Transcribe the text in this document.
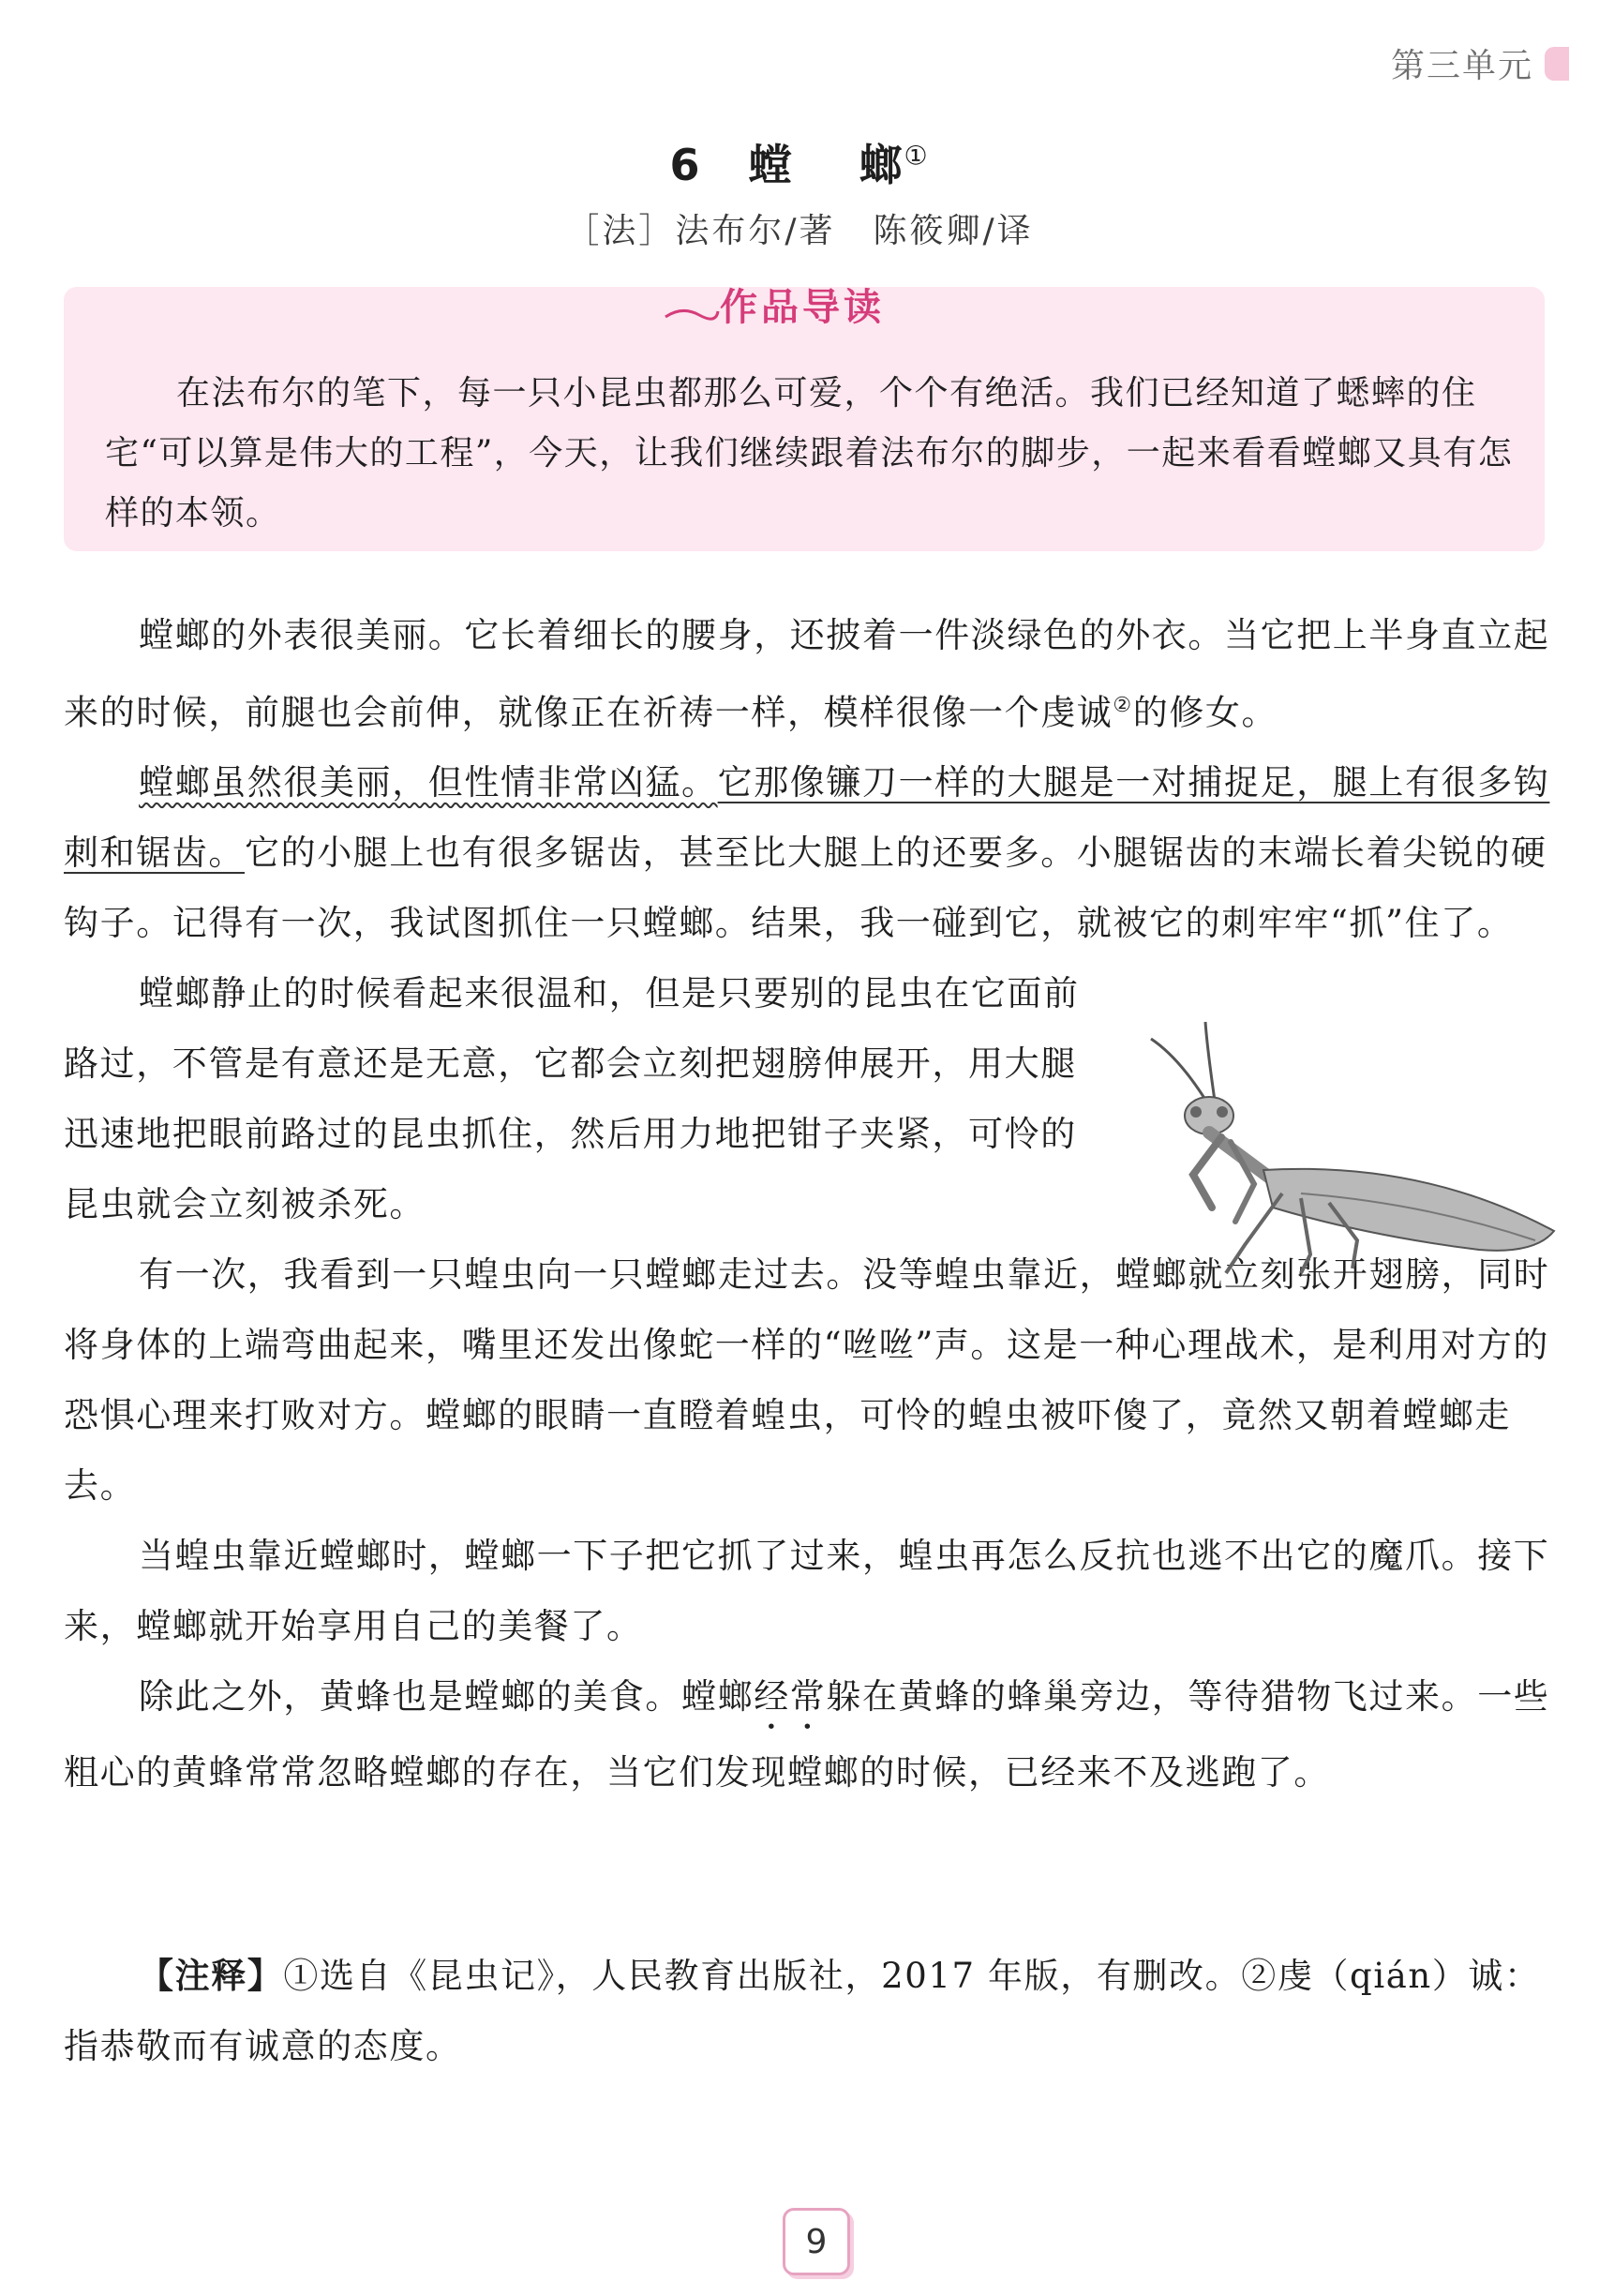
第三单元
6 螳 螂①
［法］法布尔/著 陈筱卿/译
作品导读
在法布尔的笔下，每一只小昆虫都那么可爱，个个有绝活。我们已经知道了蟋蟀的住宅“可以算是伟大的工程”，今天，让我们继续跟着法布尔的脚步，一起来看看螳螂又具有怎样的本领。

螳螂的外表很美丽。它长着细长的腰身，还披着一件淡绿色的外衣。当它把上半身直立起来的时候，前腿也会前伸，就像正在祈祷一样，模样很像一个虔诚②的修女。

螳螂虽然很美丽，但性情非常凶猛。它那像镰刀一样的大腿是一对捕捉足，腿上有很多钩刺和锯齿。它的小腿上也有很多锯齿，甚至比大腿上的还要多。小腿锯齿的末端长着尖锐的硬钩子。记得有一次，我试图抓住一只螳螂。结果，我一碰到它，就被它的刺牢牢“抓”住了。

螳螂静止的时候看起来很温和，但是只要别的昆虫在它面前路过，不管是有意还是无意，它都会立刻把翅膀伸展开，用大腿迅速地把眼前路过的昆虫抓住，然后用力地把钳子夹紧，可怜的昆虫就会立刻被杀死。

有一次，我看到一只蝗虫向一只螳螂走过去。没等蝗虫靠近，螳螂就立刻张开翅膀，同时将身体的上端弯曲起来，嘴里还发出像蛇一样的“咝咝”声。这是一种心理战术，是利用对方的恐惧心理来打败对方。螳螂的眼睛一直瞪着蝗虫，可怜的蝗虫被吓傻了，竟然又朝着螳螂走去。

当蝗虫靠近螳螂时，螳螂一下子把它抓了过来，蝗虫再怎么反抗也逃不出它的魔爪。接下来，螳螂就开始享用自己的美餐了。

除此之外，黄蜂也是螳螂的美食。螳螂经常躲在黄蜂的蜂巢旁边，等待猎物飞过来。一些粗心的黄蜂常常忽略螳螂的存在，当它们发现螳螂的时候，已经来不及逃跑了。

【注释】①选自《昆虫记》，人民教育出版社，2017 年版，有删改。②虔（qián）诚：指恭敬而有诚意的态度。
9
